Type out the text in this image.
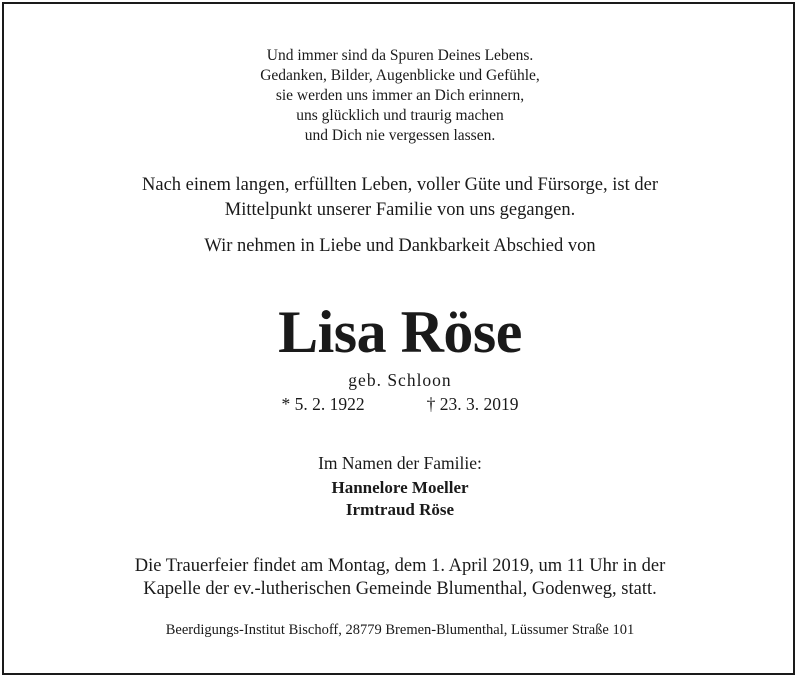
Und immer sind da Spuren Deines Lebens.
Gedanken, Bilder, Augenblicke und Gefühle,
sie werden uns immer an Dich erinnern,
uns glücklich und traurig machen
und Dich nie vergessen lassen.
Nach einem langen, erfüllten Leben, voller Güte und Fürsorge, ist der
Mittelpunkt unserer Familie von uns gegangen.
Wir nehmen in Liebe und Dankbarkeit Abschied von
Lisa Röse
geb. Schloon
* 5. 2. 1922	† 23. 3. 2019
Im Namen der Familie:
Hannelore Moeller
Irmtraud Röse
Die Trauerfeier findet am Montag, dem 1. April 2019, um 11 Uhr in der
Kapelle der ev.-lutherischen Gemeinde Blumenthal, Godenweg, statt.
Beerdigungs-Institut Bischoff, 28779 Bremen-Blumenthal, Lüssumer Straße 101
